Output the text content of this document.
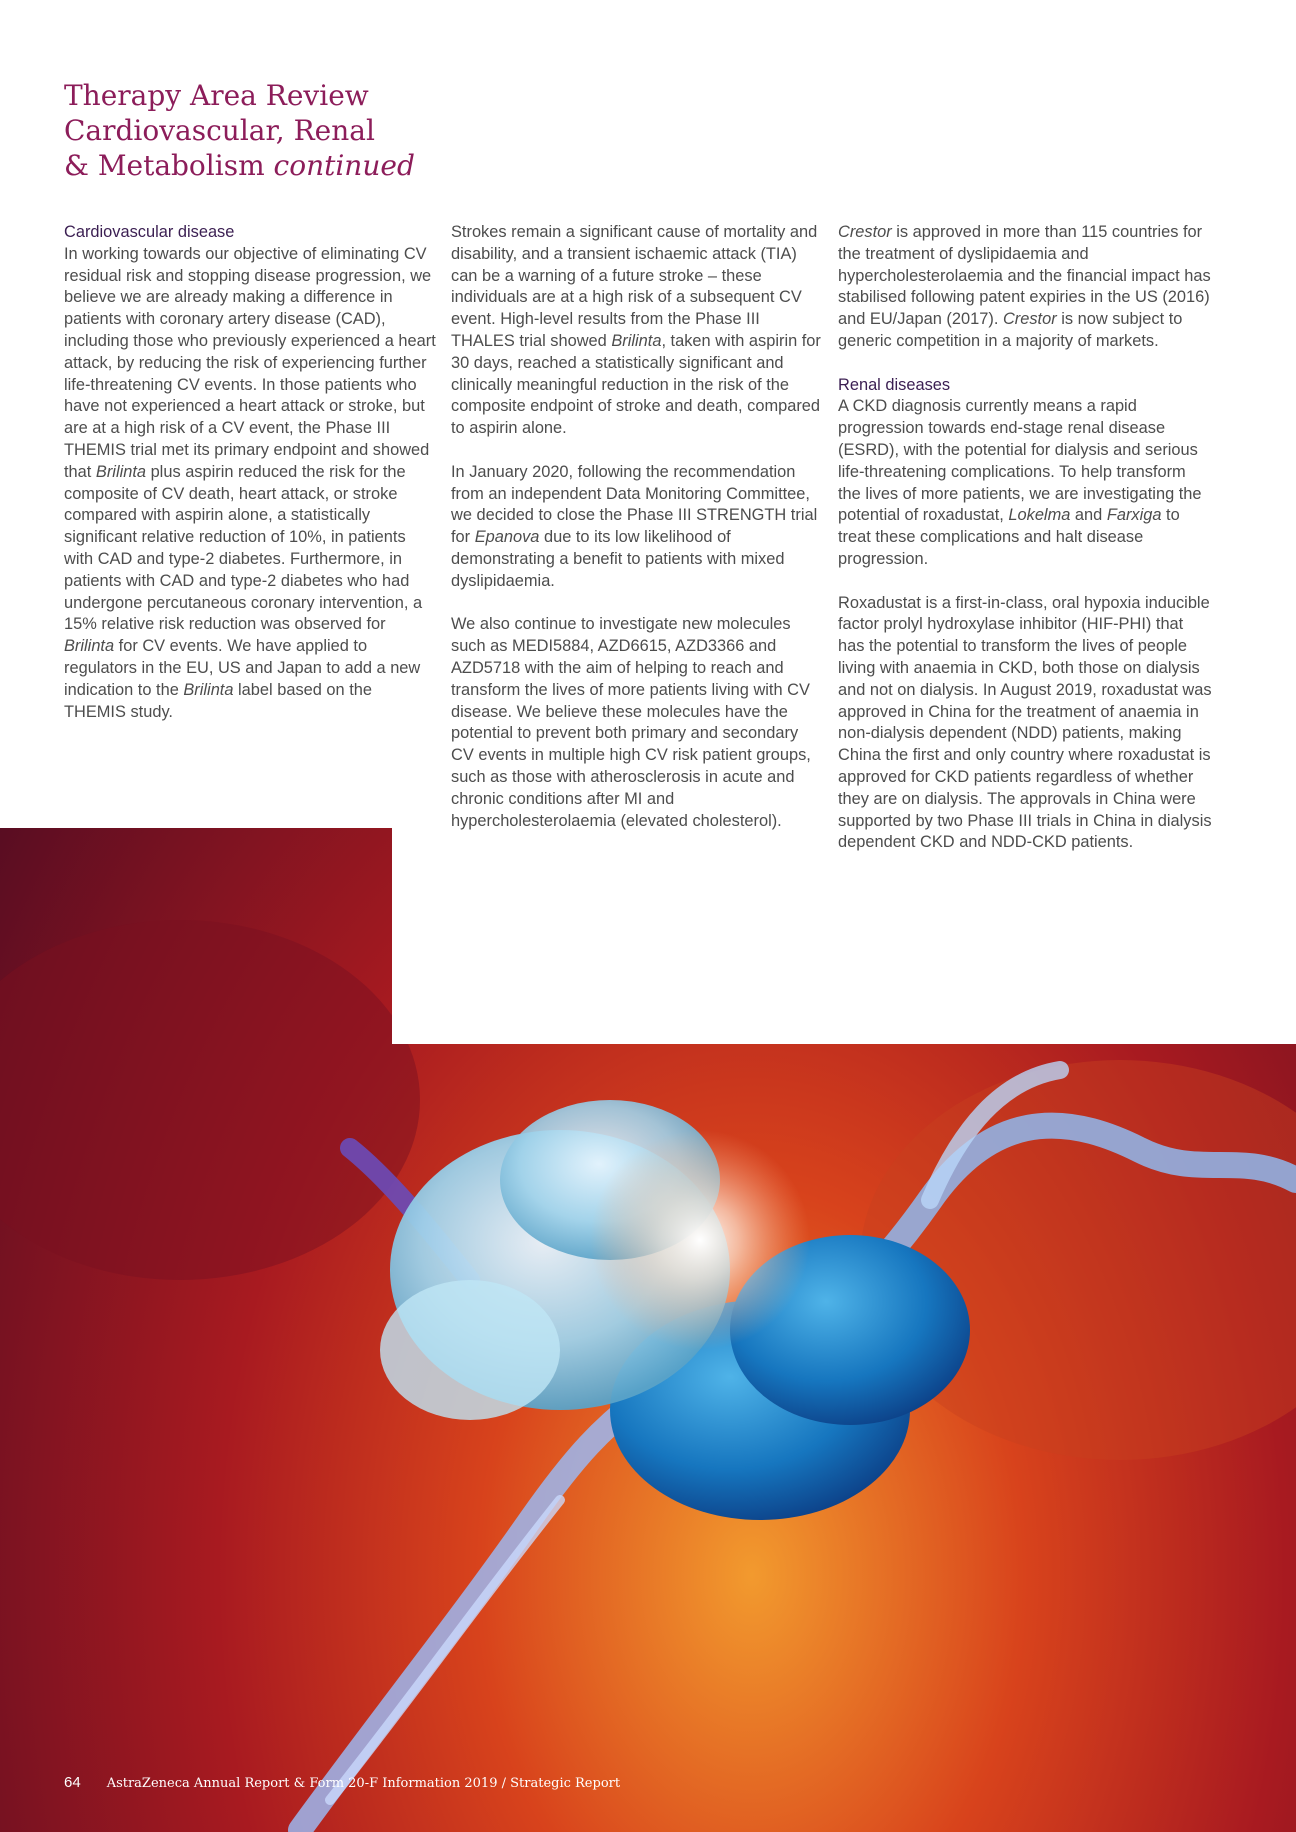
Therapy Area Review
Cardiovascular, Renal
& Metabolism continued
Cardiovascular disease

In working towards our objective of eliminating CV residual risk and stopping disease progression, we believe we are already making a difference in patients with coronary artery disease (CAD), including those who previously experienced a heart attack, by reducing the risk of experiencing further life-threatening CV events. In those patients who have not experienced a heart attack or stroke, but are at a high risk of a CV event, the Phase III THEMIS trial met its primary endpoint and showed that Brilinta plus aspirin reduced the risk for the composite of CV death, heart attack, or stroke compared with aspirin alone, a statistically significant relative reduction of 10%, in patients with CAD and type-2 diabetes. Furthermore, in patients with CAD and type-2 diabetes who had undergone percutaneous coronary intervention, a 15% relative risk reduction was observed for Brilinta for CV events. We have applied to regulators in the EU, US and Japan to add a new indication to the Brilinta label based on the THEMIS study.

Strokes remain a significant cause of mortality and disability, and a transient ischaemic attack (TIA) can be a warning of a future stroke – these individuals are at a high risk of a subsequent CV event. High-level results from the Phase III THALES trial showed Brilinta, taken with aspirin for 30 days, reached a statistically significant and clinically meaningful reduction in the risk of the composite endpoint of stroke and death, compared to aspirin alone.

In January 2020, following the recommendation from an independent Data Monitoring Committee, we decided to close the Phase III STRENGTH trial for Epanova due to its low likelihood of demonstrating a benefit to patients with mixed dyslipidaemia.

We also continue to investigate new molecules such as MEDI5884, AZD6615, AZD3366 and AZD5718 with the aim of helping to reach and transform the lives of more patients living with CV disease. We believe these molecules have the potential to prevent both primary and secondary CV events in multiple high CV risk patient groups, such as those with atherosclerosis in acute and chronic conditions after MI and hypercholesterolaemia (elevated cholesterol).

Crestor is approved in more than 115 countries for the treatment of dyslipidaemia and hypercholesterolaemia and the financial impact has stabilised following patent expiries in the US (2016) and EU/Japan (2017). Crestor is now subject to generic competition in a majority of markets.

Renal diseases

A CKD diagnosis currently means a rapid progression towards end-stage renal disease (ESRD), with the potential for dialysis and serious life-threatening complications. To help transform the lives of more patients, we are investigating the potential of roxadustat, Lokelma and Farxiga to treat these complications and halt disease progression.

Roxadustat is a first-in-class, oral hypoxia inducible factor prolyl hydroxylase inhibitor (HIF-PHI) that has the potential to transform the lives of people living with anaemia in CKD, both those on dialysis and not on dialysis. In August 2019, roxadustat was approved in China for the treatment of anaemia in non-dialysis dependent (NDD) patients, making China the first and only country where roxadustat is approved for CKD patients regardless of whether they are on dialysis. The approvals in China were supported by two Phase III trials in China in dialysis dependent CKD and NDD-CKD patients.

64 AstraZeneca Annual Report & Form 20-F Information 2019 / Strategic Report
